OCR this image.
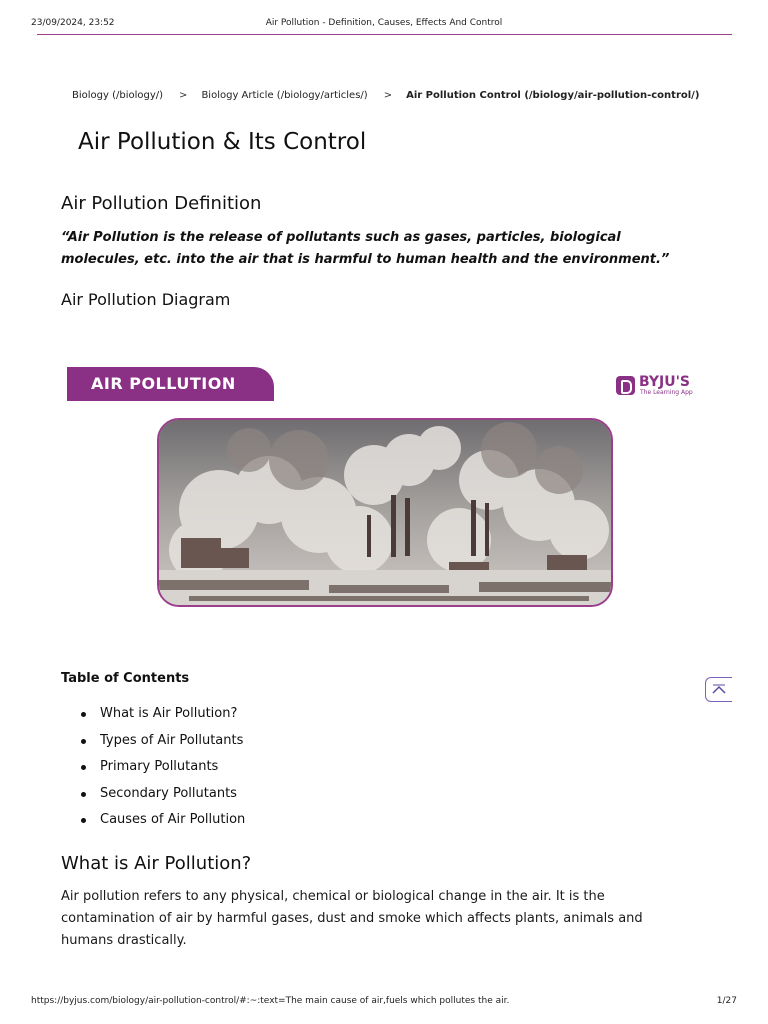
23/09/2024, 23:52	Air Pollution - Definition, Causes, Effects And Control
Biology (/biology/) > Biology Article (/biology/articles/) > Air Pollution Control (/biology/air-pollution-control/)
Air Pollution & Its Control
Air Pollution Definition
“Air Pollution is the release of pollutants such as gases, particles, biological molecules, etc. into the air that is harmful to human health and the environment.”
Air Pollution Diagram
AIR POLLUTION	BYJU'S
The Learning App
Table of Contents
What is Air Pollution?
Types of Air Pollutants
Primary Pollutants
Secondary Pollutants
Causes of Air Pollution
What is Air Pollution?
Air pollution refers to any physical, chemical or biological change in the air. It is the contamination of air by harmful gases, dust and smoke which affects plants, animals and humans drastically.
https://byjus.com/biology/air-pollution-control/#:~:text=The main cause of air,fuels which pollutes the air.	1/27
